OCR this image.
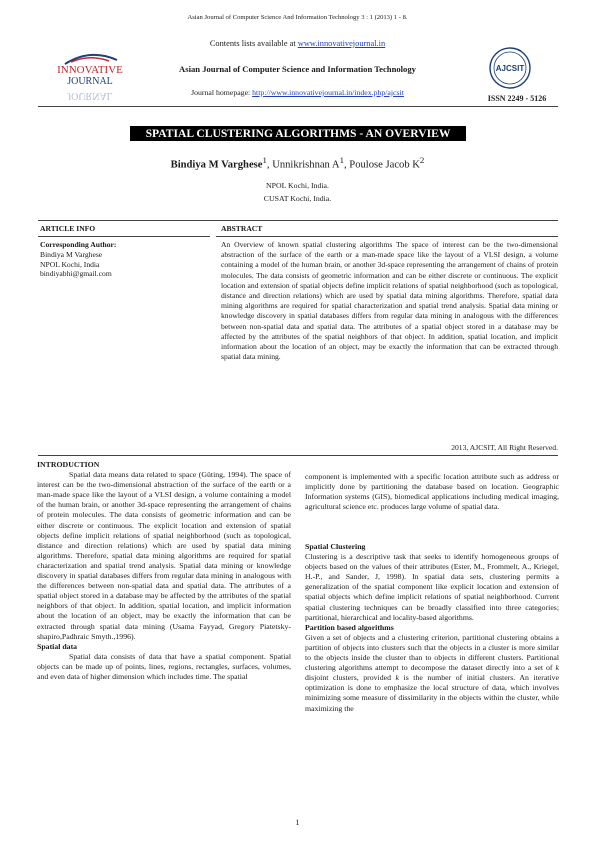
Asian Journal of Computer Science And Information Technology 3 : 1 (2013) 1 - 8.
Contents lists available at www.innovativejournal.in
INNOVATIVE
JOURNAL
JOURNAL
Asian Journal of Computer Science and Information Technology
Journal homepage: http://www.innovativejournal.in/index.php/ajcsit
AJCSIT
ISSN 2249 - 5126
SPATIAL CLUSTERING ALGORITHMS - AN OVERVIEW
Bindiya M Varghese$^1$, Unnikrishnan $A^1$, Poulose Jacob $K^2$
NPOL Kochi, India.
CUSAT Kochi, India.
ARTICLE INFO	ABSTRACT
Corresponding Author:
Bindiya M Varghese
NPOL Kochi, India
bindiyabhi@gmail.com
An Overview of known spatial clustering algorithms The space of interest can be the two-dimensional abstraction of the surface of the earth or a man-made space like the layout of a VLSI design, a volume containing a model of the human brain, or another 3d-space representing the arrangement of chains of protein molecules. The data consists of geometric information and can be either discrete or continuous. The explicit location and extension of spatial objects define implicit relations of spatial neighborhood (such as topological, distance and direction relations) which are used by spatial data mining algorithms. Therefore, spatial data mining algorithms are required for spatial characterization and spatial trend analysis. Spatial data mining or knowledge discovery in spatial databases differs from regular data mining in analogous with the differences between non-spatial data and spatial data. The attributes of a spatial object stored in a database may be affected by the attributes of the spatial neighbors of that object. In addition, spatial location, and implicit information about the location of an object, may be exactly the information that can be extracted through spatial data mining.
2013, AJCSIT, All Right Reserved.

INTRODUCTION

Spatial data means data related to space (Güting, 1994). The space of interest can be the two-dimensional abstraction of the surface of the earth or a man-made space like the layout of a VLSI design, a volume containing a model of the human brain, or another 3d-space representing the arrangement of chains of protein molecules. The data consists of geometric information and can be either discrete or continuous. The explicit location and extension of spatial objects define implicit relations of spatial neighborhood (such as topological, distance and direction relations) which are used by spatial data mining algorithms. Therefore, spatial data mining algorithms are required for spatial characterization and spatial trend analysis. Spatial data mining or knowledge discovery in spatial databases differs from regular data mining in analogous with the differences between non-spatial data and spatial data. The attributes of a spatial object stored in a database may be affected by the attributes of the spatial neighbors of that object. In addition, spatial location, and implicit information about the location of an object, may be exactly the information that can be extracted through spatial data mining (Usama Fayyad, Gregory Piatetsky-shapiro,Padhraic Smyth.,1996).

Spatial data

Spatial data consists of data that have a spatial component. Spatial objects can be made up of points, lines, regions, rectangles, surfaces, volumes, and even data of higher dimension which includes time. The spatial

component is implemented with a specific location attribute such as address or implicitly done by partitioning the database based on location. Geographic Information systems (GIS), biomedical applications including medical imaging, agricultural science etc. produces large volume of spatial data.

Spatial Clustering

Clustering is a descriptive task that seeks to identify homogeneous groups of objects based on the values of their attributes (Ester, M., Frommelt, A., Kriegel, H.-P., and Sander, J, 1998). In spatial data sets, clustering permits a generalization of the spatial component like explicit location and extension of spatial objects which define implicit relations of spatial neighborhood. Current spatial clustering techniques can be broadly classified into three categories; partitional, hierarchical and locality-based algorithms.

Partition based algorithms

Given a set of objects and a clustering criterion, partitional clustering obtains a partition of objects into clusters such that the objects in a cluster is more similar to the objects inside the cluster than to objects in different clusters. Partitional clustering algorithms attempt to decompose the dataset directly into a set of k disjoint clusters, provided k is the number of initial clusters. An iterative optimization is done to emphasize the local structure of data, which involves minimizing some measure of dissimilarity in the objects within the cluster, while maximizing the

1
